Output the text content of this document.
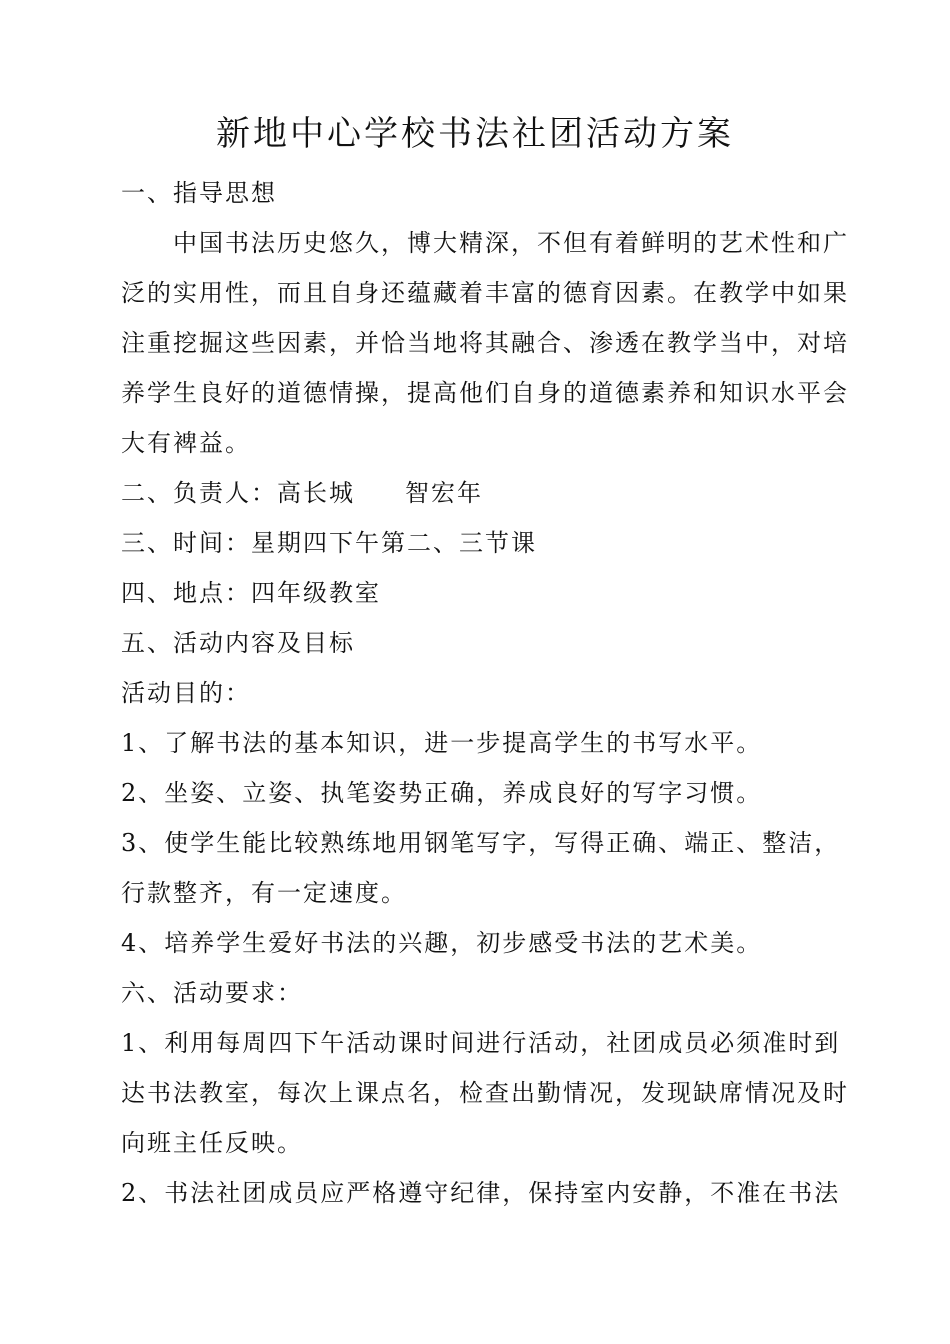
新地中心学校书法社团活动方案
一、指导思想
中国书法历史悠久，博大精深，不但有着鲜明的艺术性和广
泛的实用性，而且自身还蕴藏着丰富的德育因素。在教学中如果
注重挖掘这些因素，并恰当地将其融合、渗透在教学当中，对培
养学生良好的道德情操，提高他们自身的道德素养和知识水平会
大有裨益。
二、负责人：高长城 智宏年
三、时间：星期四下午第二、三节课
四、地点：四年级教室
五、活动内容及目标
活动目的：
1、了解书法的基本知识，进一步提高学生的书写水平。
2、坐姿、立姿、执笔姿势正确，养成良好的写字习惯。
3、使学生能比较熟练地用钢笔写字，写得正确、端正、整洁，
行款整齐，有一定速度。
4、培养学生爱好书法的兴趣，初步感受书法的艺术美。
六、活动要求：
1、利用每周四下午活动课时间进行活动，社团成员必须准时到
达书法教室，每次上课点名，检查出勤情况，发现缺席情况及时
向班主任反映。
2、书法社团成员应严格遵守纪律，保持室内安静，不准在书法
